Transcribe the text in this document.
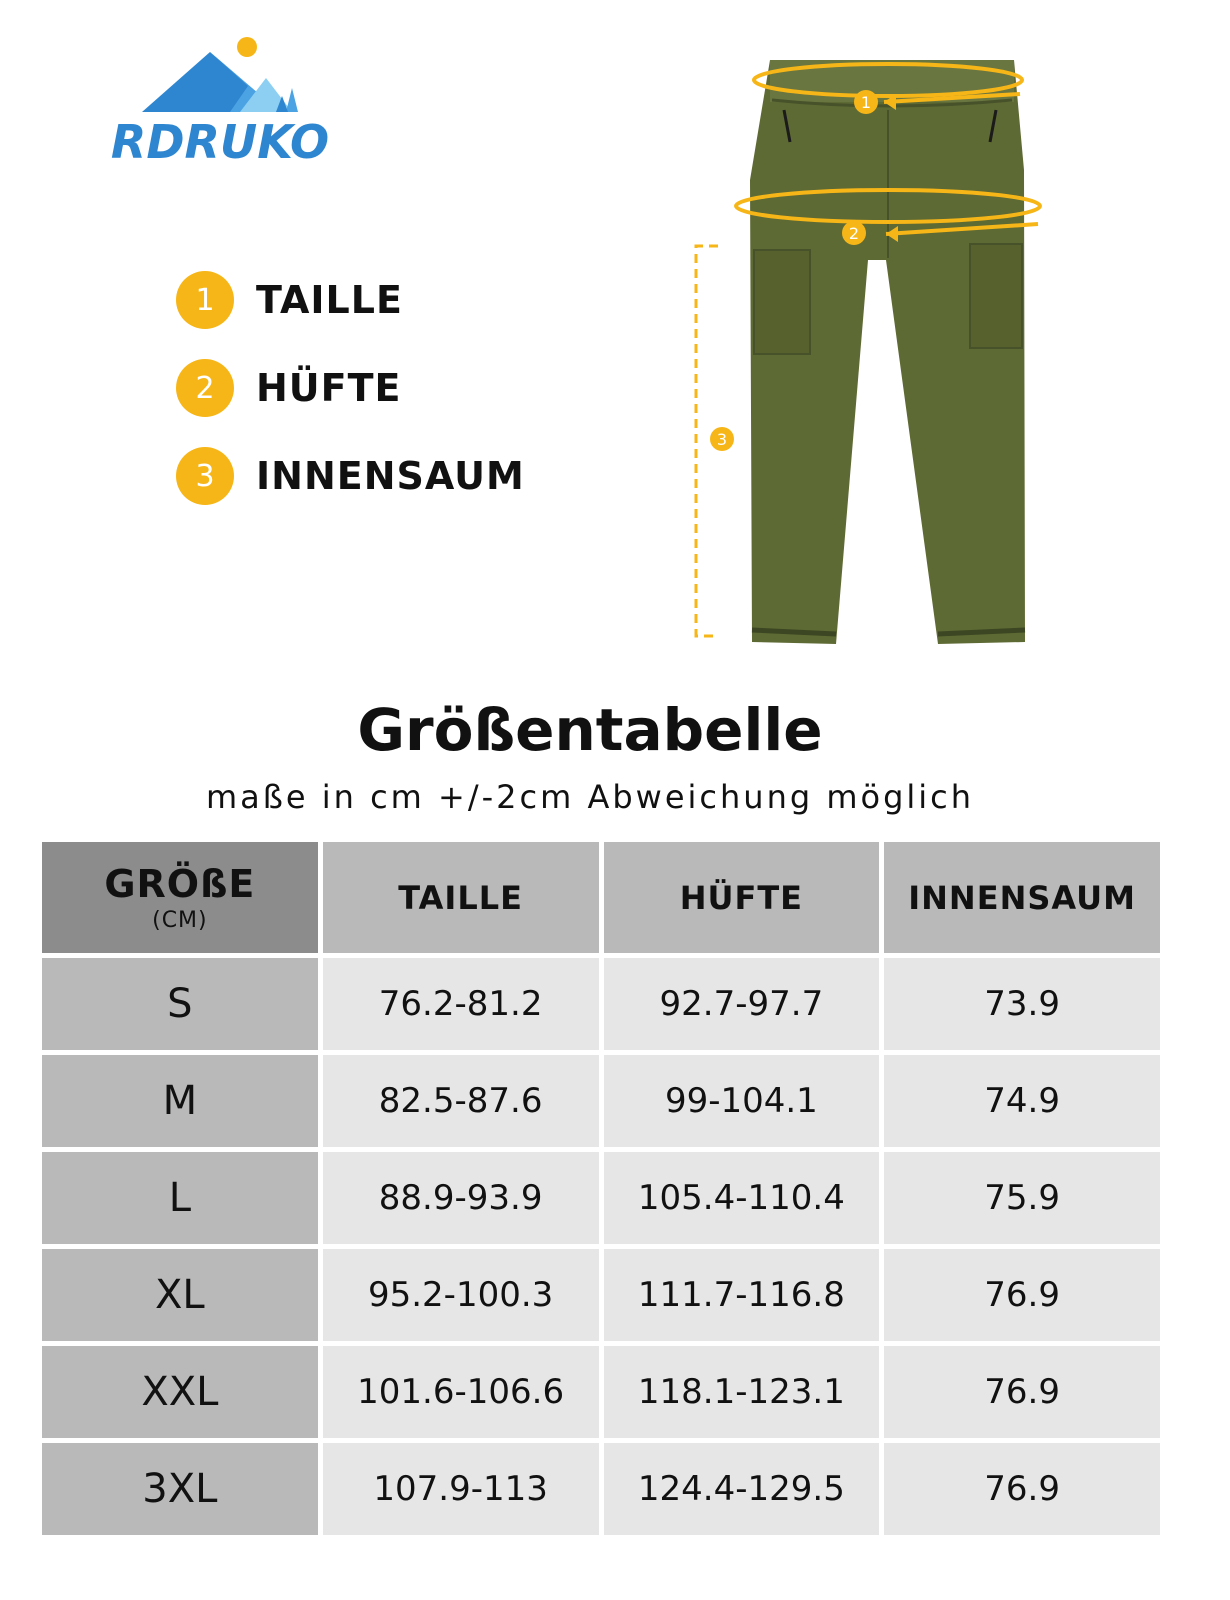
RDRUKO
1	TAILLE
2	HÜFTE
3	INNENSAUM
1
2
3
Größentabelle
maße in cm +/-2cm Abweichung möglich
GRÖßE
(CM)	TAILLE	HÜFTE	INNENSAUM
S	76.2-81.2	92.7-97.7	73.9
M	82.5-87.6	99-104.1	74.9
L	88.9-93.9	105.4-110.4	75.9
XL	95.2-100.3	111.7-116.8	76.9
XXL	101.6-106.6	118.1-123.1	76.9
3XL	107.9-113	124.4-129.5	76.9
